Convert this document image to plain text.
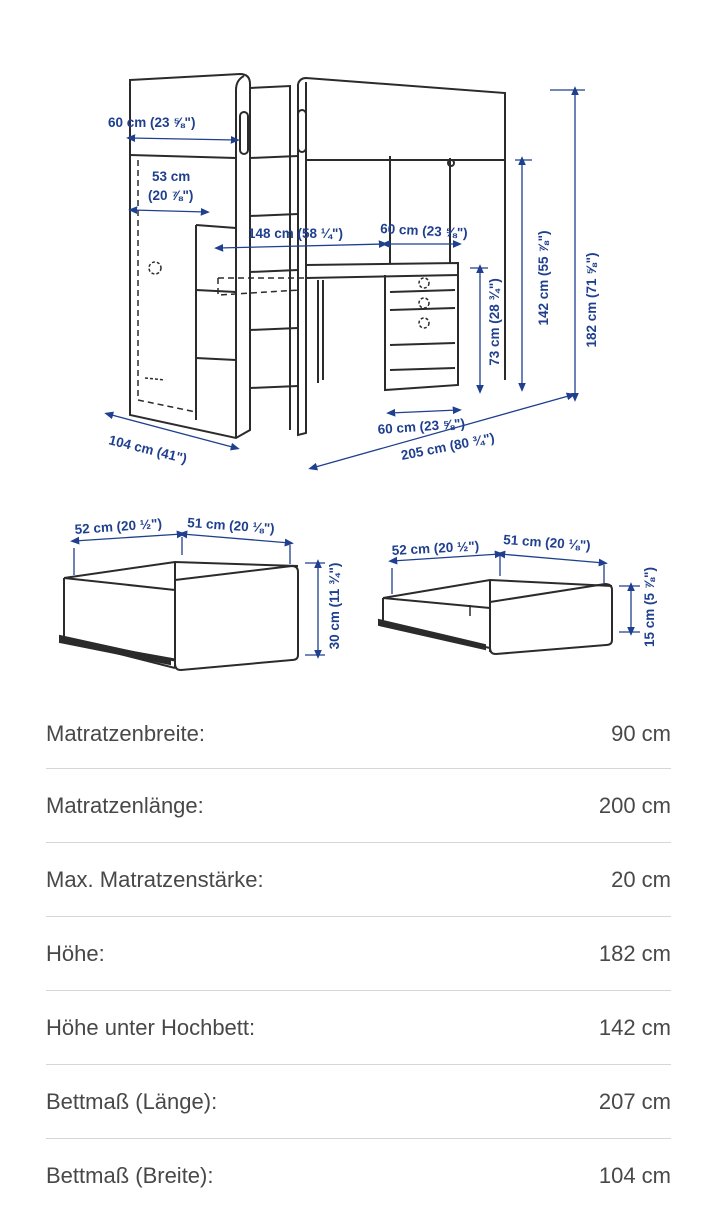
60 cm (23 ⅝")
53 cm
(20 ⅞")
148 cm (58 ¼")	60 cm (23 ⅝")
182 cm (71 ⅝")
142 cm (55 ⅞")
73 cm (28 ¾")
60 cm (23 ⅝")
205 cm (80 ¾")
104 cm (41")
52 cm (20 ½") 51 cm (20 ⅛")
30 cm (11 ¾")
52 cm (20 ½") 51 cm (20 ⅛")
15 cm (5 ⅞")
Matratzenbreite:	90 cm
Matratzenlänge:	200 cm
Max. Matratzenstärke:	20 cm
Höhe:	182 cm
Höhe unter Hochbett:	142 cm
Bettmaß (Länge):	207 cm
Bettmaß (Breite):	104 cm
